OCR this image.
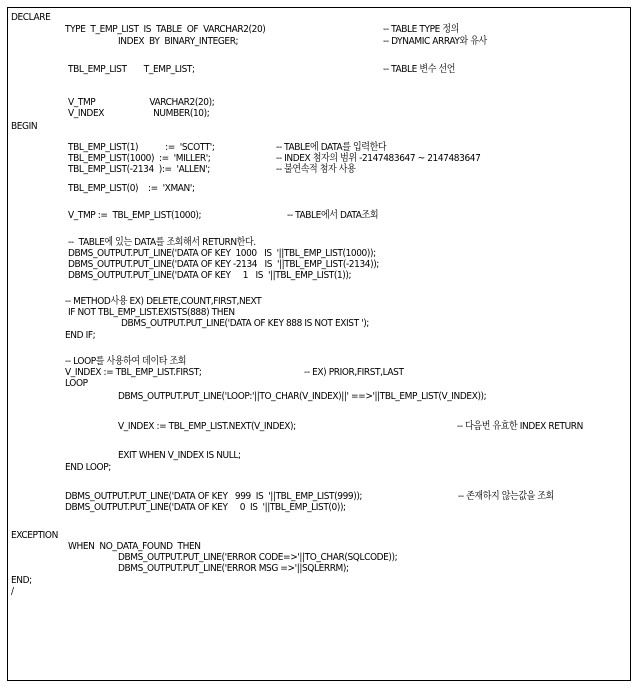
DECLARE
TYPE  T_EMP_LIST  IS  TABLE  OF  VARCHAR2(20)	-- TABLE TYPE 정의
INDEX  BY  BINARY_INTEGER;	-- DYNAMIC ARRAY와 유사
TBL_EMP_LIST       T_EMP_LIST;	-- TABLE 변수 선언
V_TMP                      VARCHAR2(20);
V_INDEX                    NUMBER(10);
BEGIN
TBL_EMP_LIST(1)           :=  'SCOTT';	-- TABLE에 DATA를 입력한다
TBL_EMP_LIST(1000)  :=  'MILLER';	-- INDEX 첨자의 범위 -2147483647 ~ 2147483647
TBL_EMP_LIST(-2134  ):=  'ALLEN';	-- 불연속적 첨자 사용
TBL_EMP_LIST(0)    :=  'XMAN';
V_TMP :=  TBL_EMP_LIST(1000);	-- TABLE에서 DATA조회
--  TABLE에 있는 DATA를 조회해서 RETURN한다.
DBMS_OUTPUT.PUT_LINE('DATA OF KEY  1000   IS  '||TBL_EMP_LIST(1000));
DBMS_OUTPUT.PUT_LINE('DATA OF KEY -2134   IS  '||TBL_EMP_LIST(-2134));
DBMS_OUTPUT.PUT_LINE('DATA OF KEY     1   IS  '||TBL_EMP_LIST(1));
-- METHOD사용 EX) DELETE,COUNT,FIRST,NEXT
IF NOT TBL_EMP_LIST.EXISTS(888) THEN
DBMS_OUTPUT.PUT_LINE('DATA OF KEY 888 IS NOT EXIST ');
END IF;
-- LOOP를 사용하여 데이타 조회
V_INDEX := TBL_EMP_LIST.FIRST;	-- EX) PRIOR,FIRST,LAST
LOOP
DBMS_OUTPUT.PUT_LINE('LOOP:'||TO_CHAR(V_INDEX)||' ==>'||TBL_EMP_LIST(V_INDEX));
V_INDEX := TBL_EMP_LIST.NEXT(V_INDEX);	-- 다음번 유효한 INDEX RETURN
EXIT WHEN V_INDEX IS NULL;
END LOOP;
DBMS_OUTPUT.PUT_LINE('DATA OF KEY   999  IS  '||TBL_EMP_LIST(999));	-- 존재하지 않는값을 조회
DBMS_OUTPUT.PUT_LINE('DATA OF KEY     0  IS  '||TBL_EMP_LIST(0));
EXCEPTION
WHEN  NO_DATA_FOUND  THEN
DBMS_OUTPUT.PUT_LINE('ERROR CODE=>'||TO_CHAR(SQLCODE));
DBMS_OUTPUT.PUT_LINE('ERROR MSG =>'||SQLERRM);
END;
/
